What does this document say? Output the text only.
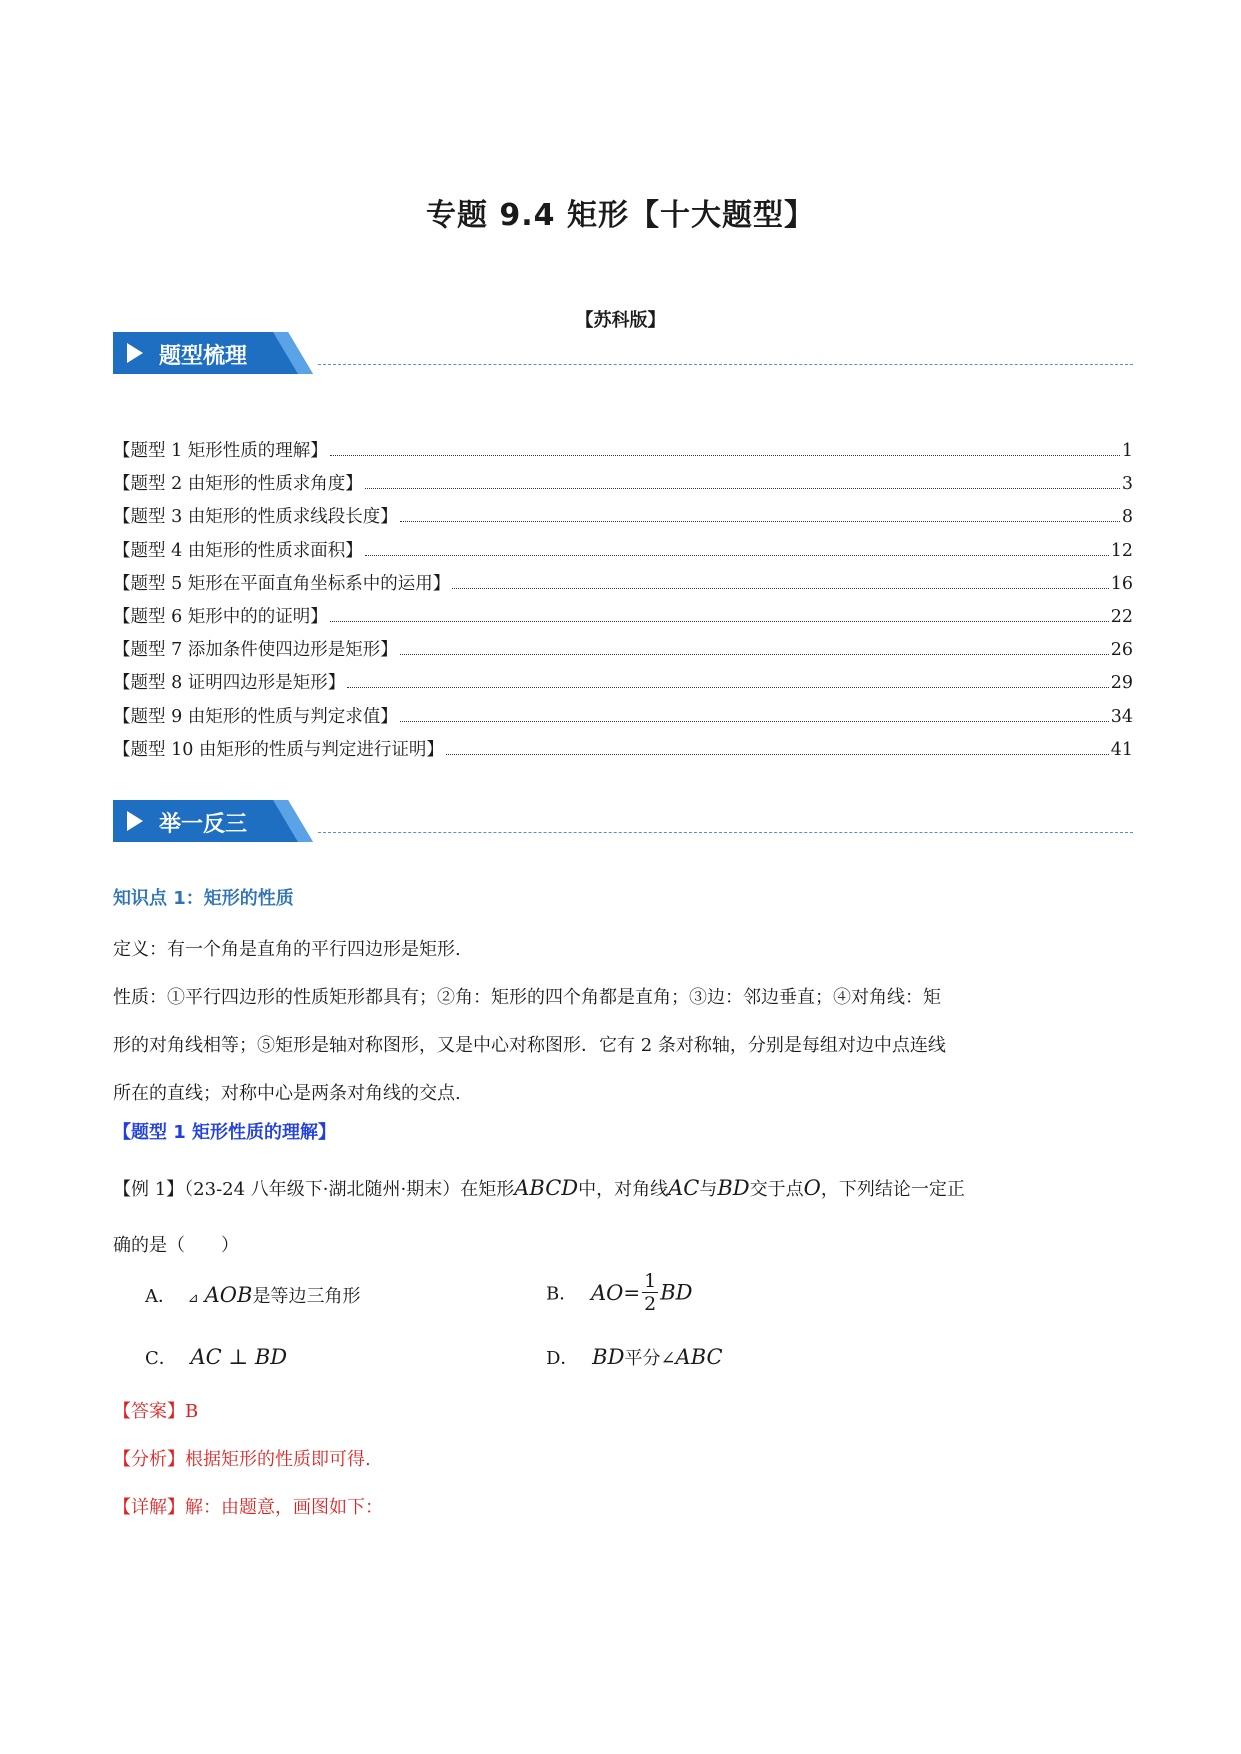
专题 9.4 矩形【十大题型】
【苏科版】
题型梳理
【题型 1 矩形性质的理解】	1
【题型 2 由矩形的性质求角度】	3
【题型 3 由矩形的性质求线段长度】	8
【题型 4 由矩形的性质求面积】	12
【题型 5 矩形在平面直角坐标系中的运用】	16
【题型 6 矩形中的的证明】	22
【题型 7 添加条件使四边形是矩形】	26
【题型 8 证明四边形是矩形】	29
【题型 9 由矩形的性质与判定求值】	34
【题型 10 由矩形的性质与判定进行证明】	41
举一反三
知识点 1：矩形的性质
定义：有一个角是直角的平行四边形是矩形.
性质：①平行四边形的性质矩形都具有；②角：矩形的四个角都是直角；③边：邻边垂直；④对角线：矩
形的对角线相等；⑤矩形是轴对称图形，又是中心对称图形．它有 2 条对称轴，分别是每组对边中点连线
所在的直线；对称中心是两条对角线的交点.
【题型 1 矩形性质的理解】
【例 1】（23-24 八年级下·湖北随州·期末）在矩形ABCD中，对角线AC与BD交于点O，下列结论一定正
确的是（　　）
A． ⊿ AOB是等边三角形	B． $AO= \frac{1}{2}$ BD
C． AC ⊥ BD	D． BD平分∠ABC
【答案】B
【分析】根据矩形的性质即可得.
【详解】解：由题意，画图如下：
